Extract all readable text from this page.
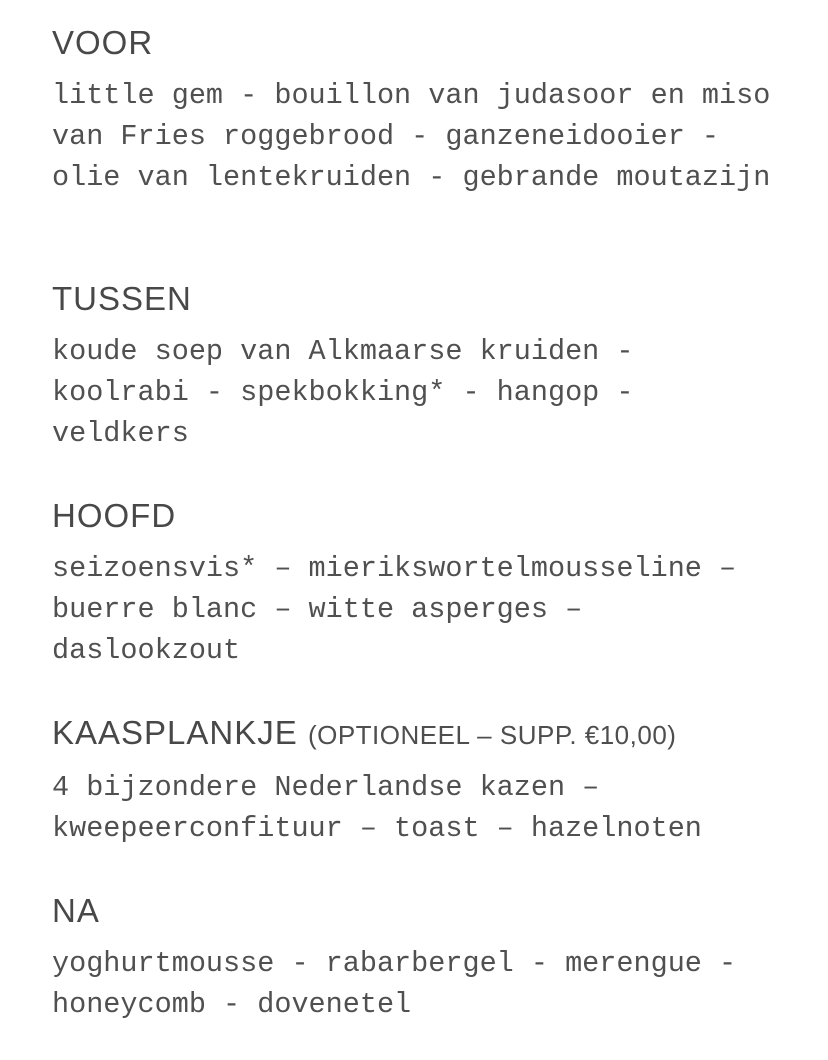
VOOR
little gem - bouillon van judasoor en miso
van Fries roggebrood - ganzeneidooier -
olie van lentekruiden - gebrande moutazijn
TUSSEN
koude soep van Alkmaarse kruiden -
koolrabi - spekbokking* - hangop -
veldkers
HOOFD
seizoensvis* – mierikswortelmousseline –
buerre blanc – witte asperges –
daslookzout
KAASPLANKJE (OPTIONEEL – SUPP. €10,00)
4 bijzondere Nederlandse kazen –
kweepeerconfituur – toast – hazelnoten
NA
yoghurtmousse - rabarbergel - merengue -
honeycomb - dovenetel
